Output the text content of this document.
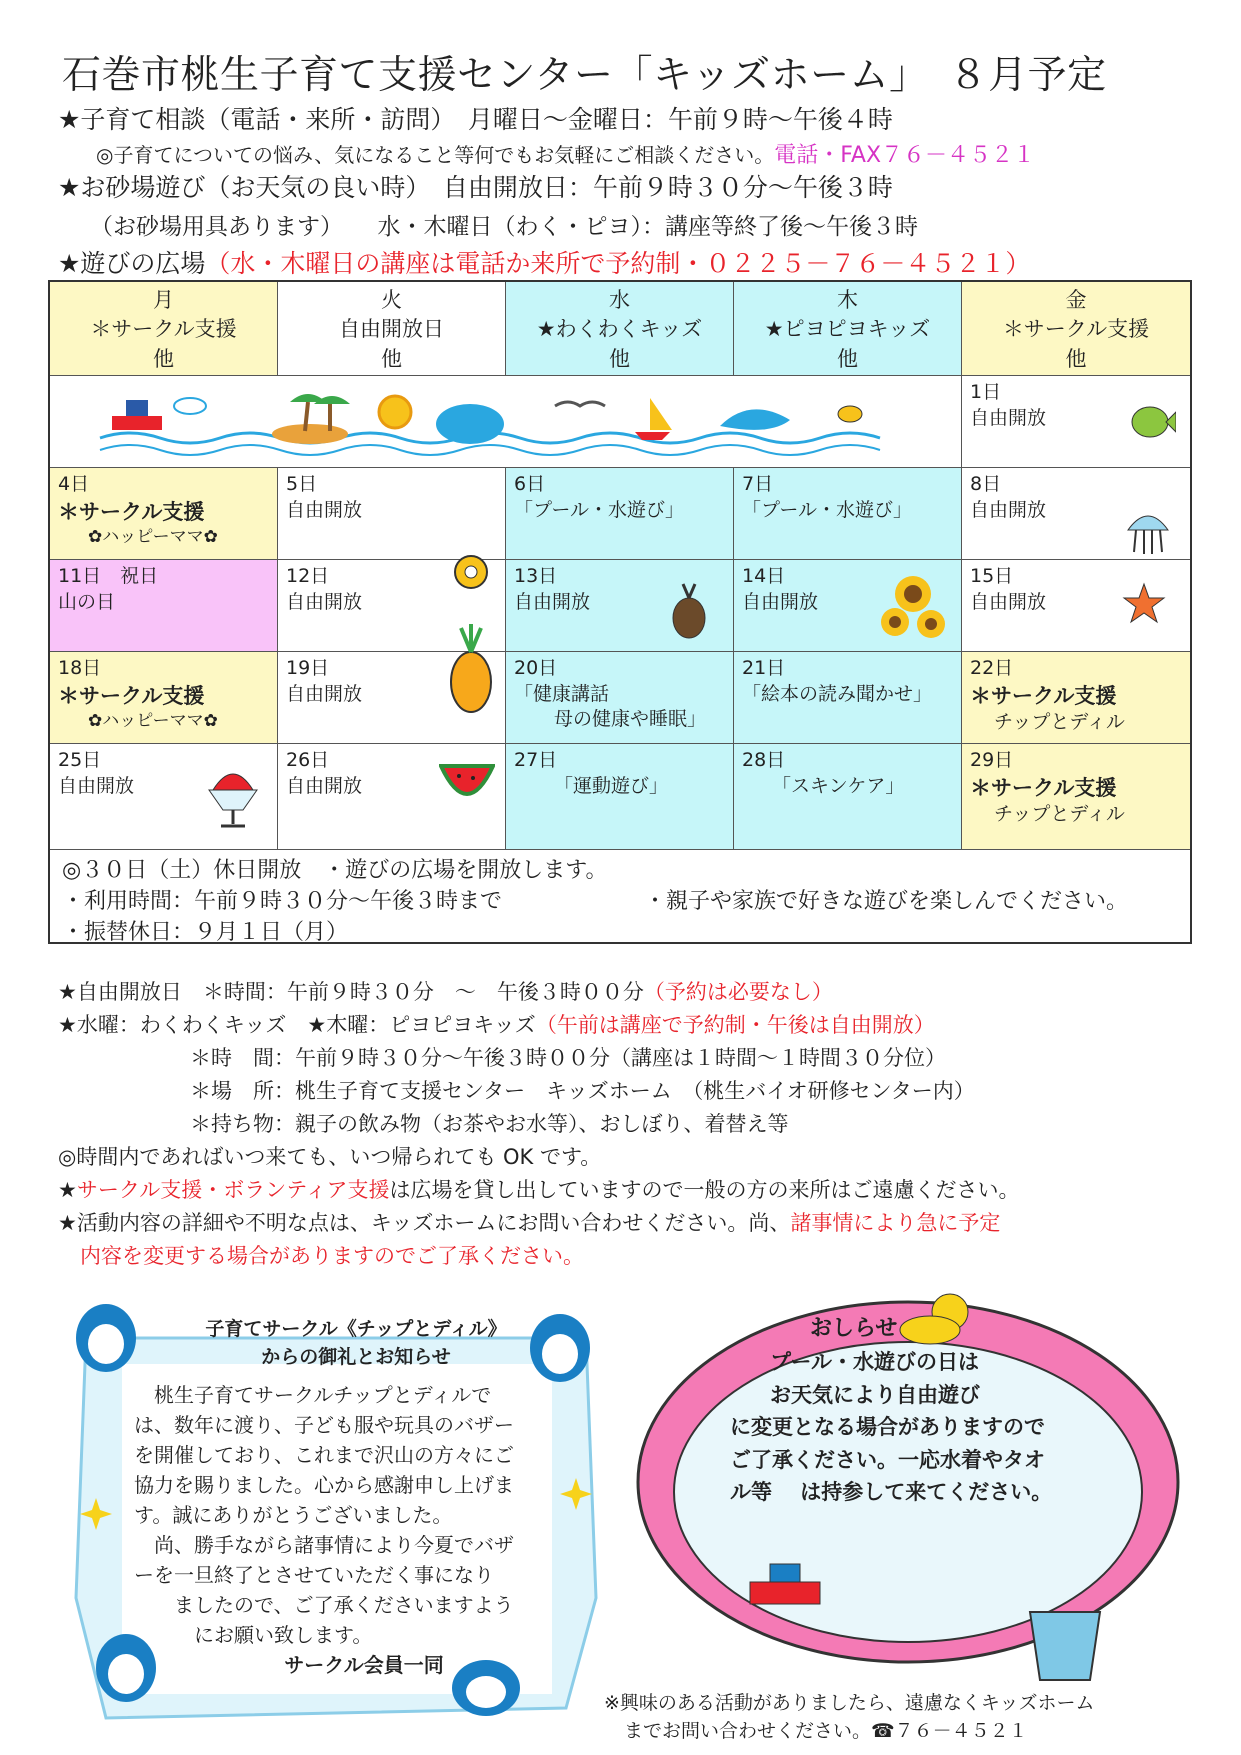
石巻市桃生子育て支援センター「キッズホーム」　８月予定
★子育て相談（電話・来所・訪問）　月曜日～金曜日：午前９時～午後４時
◎子育てについての悩み、気になること等何でもお気軽にご相談ください。電話・FAX７６－４５２１
★お砂場遊び（お天気の良い時）　自由開放日：午前９時３０分～午後３時
（お砂場用具あります）　　水・木曜日（わく・ピヨ）：講座等終了後～午後３時
★遊びの広場（水・木曜日の講座は電話か来所で予約制・０２２５－７６－４５２１）
月
＊サークル支援
他
火
自由開放日
他
水
★わくわくキッズ
他
木
★ピヨピヨキッズ
他
金
＊サークル支援
他
1日
自由開放
4日
＊サークル支援
✿ハッピーママ✿
5日
自由開放
6日
「プール・水遊び」
7日
「プール・水遊び」
8日
自由開放
11日　祝日
山の日
12日
自由開放
13日
自由開放
14日
自由開放
15日
自由開放
18日
＊サークル支援
✿ハッピーママ✿
19日
自由開放
20日
「健康講話
母の健康や睡眠」
21日
「絵本の読み聞かせ」
22日
＊サークル支援
チップとディル
25日
自由開放
26日
自由開放
27日
「運動遊び」
28日
「スキンケア」
29日
＊サークル支援
チップとディル
◎３０日（土）休日開放　・遊びの広場を開放します。
・利用時間：午前９時３０分～午後３時まで	・親子や家族で好きな遊びを楽しんでください。
・振替休日：９月１日（月）
★自由開放日　＊時間：午前９時３０分　～　午後３時００分（予約は必要なし）
★水曜：わくわくキッズ　★木曜：ピヨピヨキッズ（午前は講座で予約制・午後は自由開放）
＊時　間：午前９時３０分～午後３時００分（講座は１時間～１時間３０分位）
＊場　所：桃生子育て支援センター　キッズホーム　（桃生バイオ研修センター内）
＊持ち物：親子の飲み物（お茶やお水等）、おしぼり、着替え等
◎時間内であればいつ来ても、いつ帰られても OK です。
★サークル支援・ボランティア支援は広場を貸し出していますので一般の方の来所はご遠慮ください。
★活動内容の詳細や不明な点は、キッズホームにお問い合わせください。尚、諸事情により急に予定
内容を変更する場合がありますのでご了承ください。
子育てサークル《チップとディル》
からの御礼とお知らせ
　桃生子育てサークルチップとディルで
は、数年に渡り、子ども服や玩具のバザー
を開催しており、これまで沢山の方々にご
協力を賜りました。心から感謝申し上げま
す。誠にありがとうございました。
　尚、勝手ながら諸事情により今夏でバザ
ーを一旦終了とさせていただく事になり
　　ましたので、ご了承くださいますよう
　　　にお願い致します。
サークル会員一同
おしらせ
プール・水遊びの日は
お天気により自由遊び
に変更となる場合がありますので
ご了承ください。一応水着やタオ
ル等　 は持参して来てください。
※興味のある活動がありましたら、遠慮なくキッズホーム
までお問い合わせください。☎７６－４５２１
